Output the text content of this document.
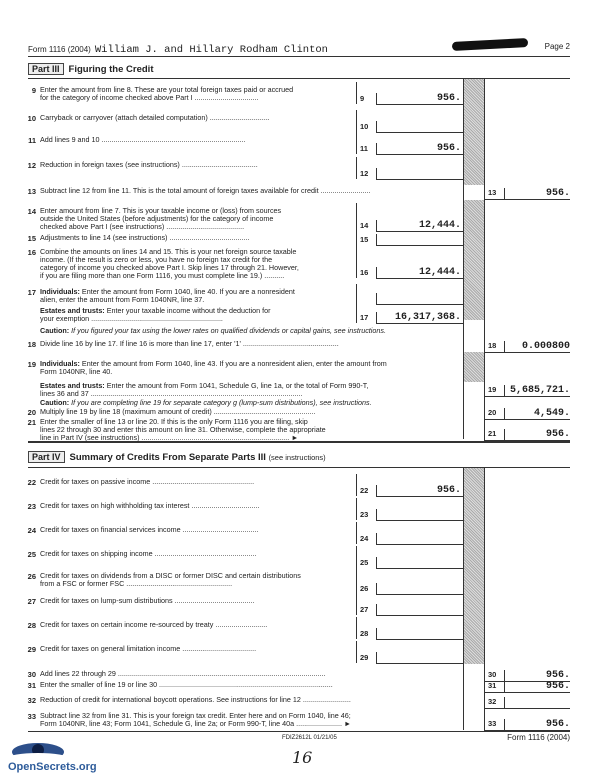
Form 1116 (2004) William J. and Hillary Rodham Clinton	Page 2
Part III Figuring the Credit
Part IV Summary of Credits From Separate Parts III (see instructions)
9 Enter the amount from line 8. These are your total foreign taxes paid or accrued
for the category of income checked above Part I ................................	9	956.
10 Carryback or carryover (attach detailed computation) ..............................
10
11 Add lines 9 and 10 ........................................................................
11	956.
12 Reduction in foreign taxes (see instructions) ......................................
12
13 Subtract line 12 from line 11. This is the total amount of foreign taxes available for credit .........................	13	956.
14 Enter amount from line 7. This is your taxable income or (loss) from sources
outside the United States (before adjustments) for the category of income
checked above Part I (see instructions) .......................................	14	12,444.
15 Adjustments to line 14 (see instructions) ........................................	15
16 Combine the amounts on lines 14 and 15. This is your net foreign source taxable
income. (If the result is zero or less, you have no foreign tax credit for the
category of income you checked above Part I. Skip lines 17 through 21. However,
if you are filing more than one Form 1116, you must complete line 19.) ..........	16	12,444.
17 Individuals: Enter the amount from Form 1040, line 40. If you are a nonresident
alien, enter the amount from Form 1040NR, line 37.
Estates and trusts: Enter your taxable income without the deduction for
your exemption ..................................................................	17	16,317,368.
Caution: If you figured your tax using the lower rates on qualified dividends or capital gains, see instructions.
18 Divide line 16 by line 17. If line 16 is more than line 17, enter '1' ................................................	18	0.000800
19 Individuals: Enter the amount from Form 1040, line 43. If you are a nonresident alien, enter the amount from
Form 1040NR, line 40.
Estates and trusts: Enter the amount from Form 1041, Schedule G, line 1a, or the total of Form 990-T,
lines 36 and 37 ..........................................................................................................	19	5,685,721.
Caution: If you are completing line 19 for separate category g (lump-sum distributions), see instructions.
20 Multiply line 19 by line 18 (maximum amount of credit) ...................................................	20	4,549.
21 Enter the smaller of line 13 or line 20. If this is the only Form 1116 you are filing, skip
lines 22 through 30 and enter this amount on line 31. Otherwise, complete the appropriate
line in Part IV (see instructions) .......................................................................... ►	21	956.
22 Credit for taxes on passive income ...................................................
22	956.
23 Credit for taxes on high withholding tax interest ..................................
23
24 Credit for taxes on financial services income ......................................
24
25 Credit for taxes on shipping income ...................................................
25
26 Credit for taxes on dividends from a DISC or former DISC and certain distributions
from a FSC or former FSC .....................................................
26
27 Credit for taxes on lump-sum distributions ........................................
27
28 Credit for taxes on certain income re-sourced by treaty ..........................
28
29 Credit for taxes on general limitation income .....................................
29
30 Add lines 22 through 29 ........................................................................................................	30	956.
31 Enter the smaller of line 19 or line 30 .......................................................................................	31	956.
32 Reduction of credit for international boycott operations. See instructions for line 12 ........................	32
33 Subtract line 32 from line 31. This is your foreign tax credit. Enter here and on Form 1040, line 46;
Form 1040NR, line 43; Form 1041, Schedule G, line 2a; or Form 990-T, line 40a ....................... ►	33	956.
FDIZ2612L 01/21/05	Form 1116 (2004)
16
OpenSecrets.org
